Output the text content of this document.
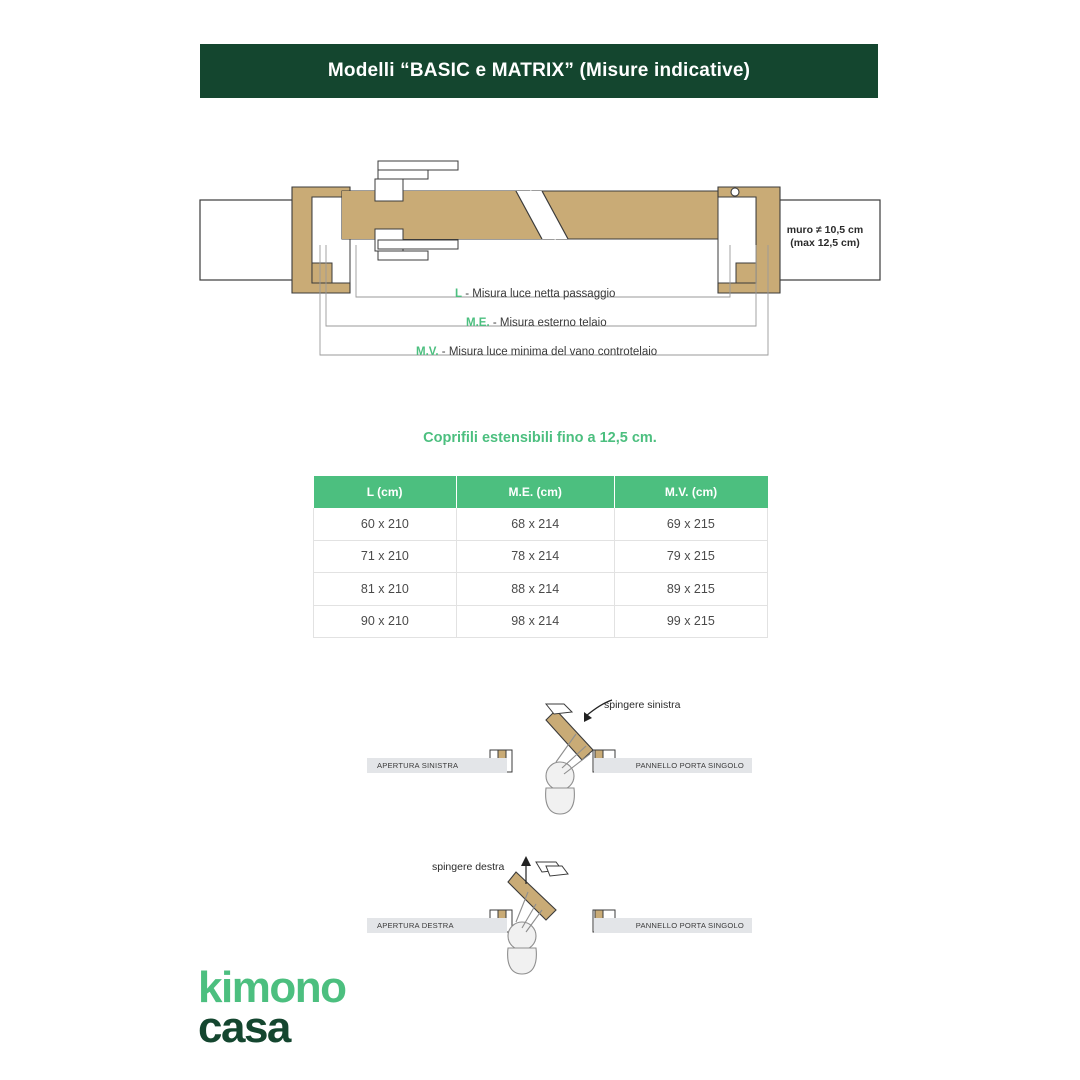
Modelli “BASIC e MATRIX” (Misure indicative)
muro ≠ 10,5 cm
(max 12,5 cm)
L - Misura luce netta passaggio
M.E. - Misura esterno telaio
M.V. - Misura luce minima del vano controtelaio
Coprifili estensibili fino a 12,5 cm.
L (cm)	M.E. (cm)	M.V. (cm)
60 x 210	68 x 214	69 x 215
71 x 210	78 x 214	79 x 215
81 x 210	88 x 214	89 x 215
90 x 210	98 x 214	99 x 215
spingere sinistra
APERTURA SINISTRA	PANNELLO PORTA SINGOLO
spingere destra
APERTURA DESTRA	PANNELLO PORTA SINGOLO
kimono
casa
